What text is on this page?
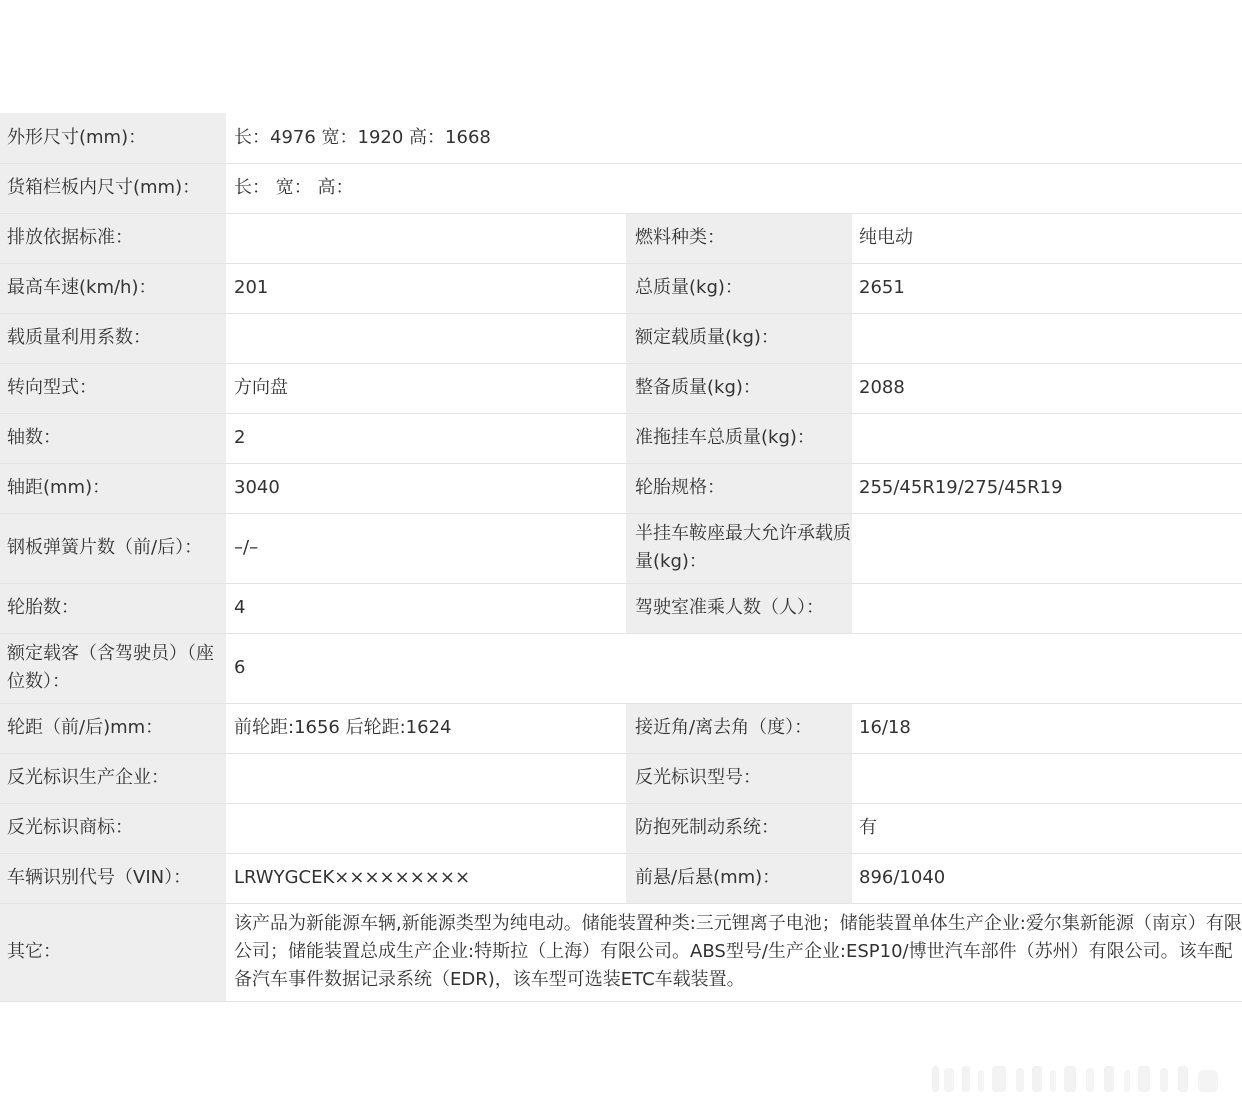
外形尺寸(mm)：	长：4976 宽：1920 高：1668		
货箱栏板内尺寸(mm)：	长： 宽： 高：		
排放依据标准：		燃料种类：	纯电动
最高车速(km/h)：	201	总质量(kg)：	2651
载质量利用系数：		额定载质量(kg)：	
转向型式：	方向盘	整备质量(kg)：	2088
轴数：	2	准拖挂车总质量(kg)：	
轴距(mm)：	3040	轮胎规格：	255/45R19/275/45R19
钢板弹簧片数（前/后）：	–/–	半挂车鞍座最大允许承载质量(kg)：	
轮胎数：	4	驾驶室准乘人数（人）：	
额定载客（含驾驶员）（座位数）：	6		
轮距（前/后)mm：	前轮距:1656 后轮距:1624	接近角/离去角（度）：	16/18
反光标识生产企业：		反光标识型号：	
反光标识商标：		防抱死制动系统：	有
车辆识别代号（VIN）：	LRWYGCEK×××××××××	前悬/后悬(mm)：	896/1040
其它：	该产品为新能源车辆,新能源类型为纯电动。储能装置种类:三元锂离子电池；储能装置单体生产企业:爱尔集新能源（南京）有限公司；储能装置总成生产企业:特斯拉（上海）有限公司。ABS型号/生产企业:ESP10/博世汽车部件（苏州）有限公司。该车配备汽车事件数据记录系统（EDR)，该车型可选装ETC车载装置。		
